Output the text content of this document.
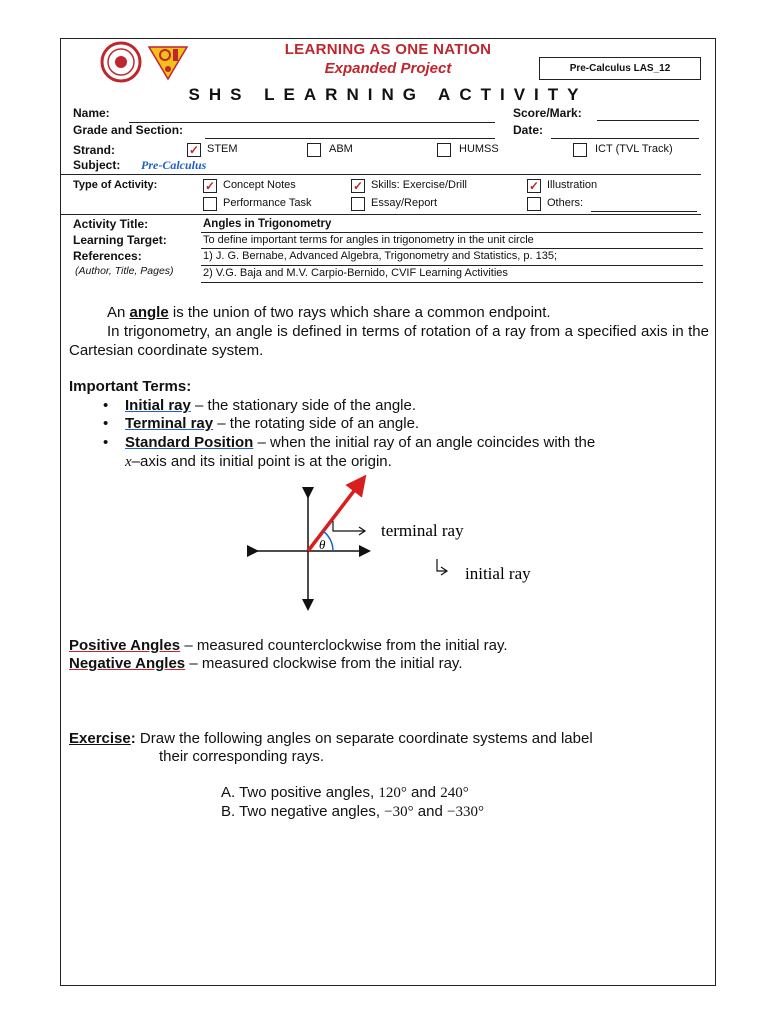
LEARNING AS ONE NATION
Expanded Project	Pre-Calculus LAS_12
SHS LEARNING ACTIVITY
Name:	Score/Mark:
Grade and Section:	Date:
Strand:	✓ STEM	ABM	HUMSS	ICT (TVL Track)
Subject: Pre-Calculus
Type of Activity:	✓ Concept Notes	✓ Skills: Exercise/Drill	✓ Illustration
Performance Task	Essay/Report	Others:
Activity Title:	Angles in Trigonometry
Learning Target:	To define important terms for angles in trigonometry in the unit circle
References:	1) J. G. Bernabe, Advanced Algebra, Trigonometry and Statistics, p. 135;
(Author, Title, Pages)	2) V.G. Baja and M.V. Carpio-Bernido, CVIF Learning Activities
An angle is the union of two rays which share a common endpoint.
In trigonometry, an angle is defined in terms of rotation of a ray from a specified axis in the Cartesian coordinate system.
Important Terms:
• Initial ray – the stationary side of the angle.
• Terminal ray – the rotating side of an angle.
• Standard Position – when the initial ray of an angle coincides with the
x–axis and its initial point is at the origin.
θ
terminal ray
initial ray
Positive Angles – measured counterclockwise from the initial ray.
Negative Angles – measured clockwise from the initial ray.
Exercise: Draw the following angles on separate coordinate systems and label
their corresponding rays.
A. Two positive angles, 120° and 240°
B. Two negative angles, −30° and −330°
